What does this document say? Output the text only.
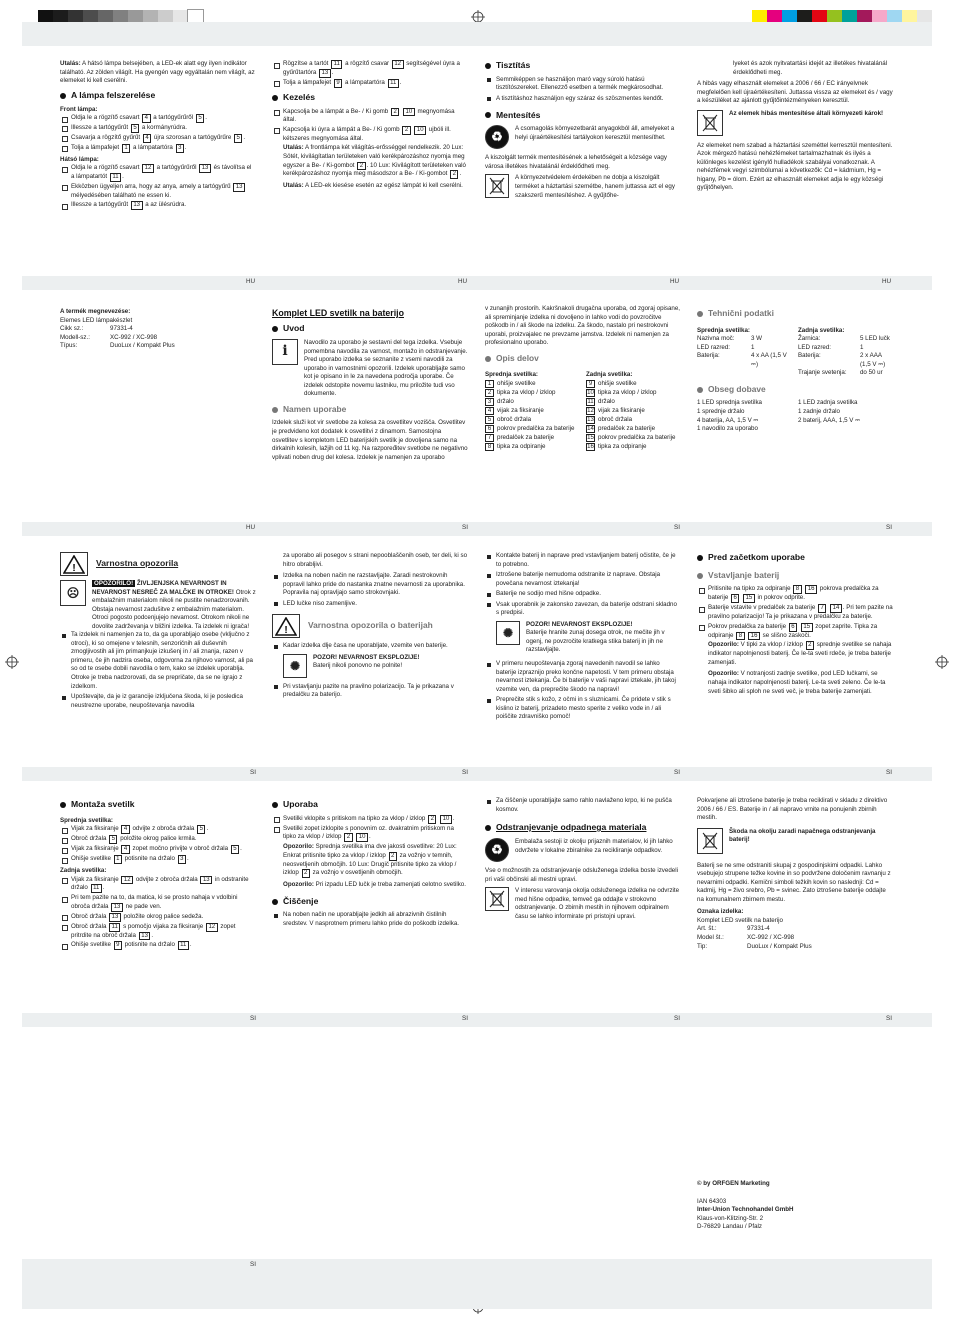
HU	HU	HU	HU
HU	SI	SI	SI
SI	SI	SI	SI
SI	SI	SI	SI
SI
Utalás: A hátsó lámpa belsejében, a LED-ek alatt egy ilyen indikátor található. Az zölden világít. Ha gyengén vagy egyáltalán nem világít, az elemeket ki kell cserélni.
A lámpa felszerelése
Front lámpa:
Oldja le a rögzítő csavart 4 a tartógyűrűről 5 .
Illessze a tartógyűrűt 5 a kormányrúdra.
Csavarja a rögzítő gyűrűt 4 újra szorosan a tartógyűrűre 5 .
Tolja a lámpafejet 1 a lámpatartóra 3 .
Hátsó lámpa:
Oldja le a rögzítő csavart 12 a tartógyűrűről 13 és távolítsa el a lámpatartót 11 .
Ekközben ügyeljen arra, hogy az anya, amely a tartógyűrű 13 mélyedésében található ne essen ki.
Illessze a tartógyűrűt 13 a az ülésrúdra.
Rögzítse a tartót 11 a rögzítő csavar 12 segítségével úyra a gyűrűtartóra 13 .
Tolja a lámpafejet 9 a lámpatartóra 11 .
Kezelés
Kapcsolja be a lámpát a Be- / Ki gomb 2 10 megnyomása által.
Kapcsolja ki úyra a lámpát a Be- / Ki gomb 2 10 ujbóli ill. kétszeres megnyomása által.
Utalás: A frontlámpa két világítás-erősséggel rendelkezik. 20 Lux: Sötét, kivilágítatlan területeken való kerékpározáshoz nyomja meg egyszer a Be- / Ki-gombot 2 . 10 Lux: Kivilágított területeken való kerékpározáshoz nyomja meg másodszor a Be- / Ki-gombot 2 .
Utalás: A LED-ek kiesése esetén az egész lámpát ki kell cserélni.
Tisztítás
Semmiképpen se használjon maró vagy súroló hatású tisztítószereket. Ellenezző esetben a termék megkárosodhat.
A tisztításhoz használjon egy száraz és szöszmentes kendőt.
Mentesítés
♻
A csomagolás környezetbarát anyagokból áll, amelyeket a helyi újraértékesítési tartályokon keresztül mentesíthet.
A kiszolgált termék mentesítésének a lehetőségeit a községe vagy városa illetékes hivatalánál érdeklődheti meg.
A környezetvédelem érdekében ne dobja a kiszolgált terméket a háztartási szemétbe, hanem juttassa azt el egy szakszerű mentesítéshez. A gyűjtőhe-
lyeket és azok nyitvatartási idejét az illetékes hivatalánál érdeklődheti meg.
A hibás vagy elhasznált elemeket a 2006 / 66 / EC irányelvnek megfelelően kell újraértékesíteni. Juttassa vissza az elemeket és / vagy a készüléket az ajánlott gyűjtőintézményeken keresztül.
Az elemek hibás mentesítése általi környezeti károk!
Az elemeket nem szabad a háztartási szeméttel kerresztül mentesíteni. Azok mérgező hatású nehézfémeket tartalmazhatnak és ilyés a különleges kezelést igénylő hulladékok szabályai vonatkoznak. A nehézfémek vegyi szimbólumai a következők: Cd = kádmium, Hg = higany, Pb = ólom. Ezért az elhasznált elemeket adja le egy községi gyűjtőhelyen.
A termék megnevezése:
Elemes LED lámpakészlet
Cikk sz.:	97331-4
Modell-sz.:	XC-992 / XC-998
Típus:	DuoLux / Kompakt Plus
Komplet LED svetilk na baterijo
Uvod
i
Navodilo za uporabo je sestavni del tega izdelka. Vsebuje pomembna navodila za varnost, montažo in odstranjevanje. Pred uporabo izdelka se seznanite z vsemi navodili za uporabo in varnostnimi opozorili. Izdelek uporabljajte samo kot je opisano in le za navedena področja uporabe. Če izdelek odstopite novemu lastniku, mu priložite tudi vso dokumente.
Namen uporabe
Izdelek služi kot vir svetlobe za kolesa za osvetlitev vozišča. Osvetlitev je predvideno kot dodatek k osvetlitvi z dinamom. Samostojna osvetlitev s kompletom LED baterijskih svetilk je dovoljena samo na dirkalnih kolesih, lažjih od 11 kg. Na razpoređitev svetlobe ne negativno vplivati noben drug del kolesa. Izdelek je namenjen za uporabo
v zunanjih prostorih. Kakršnakoli drugačna uporaba, od zgoraj opisane, ali spreminjanje izdelka ni dovoljeno in lahko vodi do povzročitve poškodb in / ali škode na izdelku. Za škodo, nastalo pri nestrokovni uporabi, proizvajalec ne prevzame jamstva. Izdelek ni namenjen za profesionalno uporabo.
Opis delov
Sprednja svetilka:
1 ohišje svetilke
2 tipka za vklop / izklop
3 držalo
4 vijak za fiksiranje
5 obroč držala
6 pokrov predalčka za baterije
7 predalček za baterije
8 tipka za odpiranje
Zadnja svetilka:
9 ohišje svetilke
10 tipka za vklop / izklop
11 držalo
12 vijak za fiksiranje
13 obroč držala
14 predalček za baterije
15 pokrov predalčka za baterije
16 tipka za odpiranje
Tehnični podatki
Sprednja svetilka:
Nazivna moč:	3 W
LED razred:	1
Baterija:	4 x AA (1,5 V ⎓)
Zadnja svetilka:
Žarnica:	5 LED lučk
LED razred:	1
Baterija:	2 x AAA (1,5 V ⎓)
Trajanje svetenja:	do 50 ur
Obseg dobave
1 LED sprednja svetilka
1 sprednje držalo
4 baterija, AA, 1,5 V ⎓
1 navodilo za uporabo
1 LED zadnja svetilka
1 zadnje držalo
2 baterij, AAA, 1,5 V ⎓
! Varnostna opozorila
☹
OPOZORILO! ŽIVLJENJSKA NEVARNOST IN NEVARNOST NESREČ ZA MALČKE IN OTROKE! Otrok z embalažnim materialom nikoli ne pustite nenadzorovanih. Obstaja nevarnost zadušitve z embalažnim materialom. Otroci pogosto podcenjujejo nevarnost. Otrokom nikoli ne dovolite zadrževanja v bližini izdelka. Ta izdelek ni igrača!
Ta izdelek ni namenjen za to, da ga uporabljajo osebe (vključno z otroci), ki so omejene v telesnih, senzoričnih ali duševnih zmogljivostih ali jim primanjkuje izkušenj in / ali znanja, razen v primeru, če jih nadzira oseba, odgovorna za njihovo varnost, ali pa so od te osebe dobili navodila o tem, kako se izdelek uporablja. Otroke je treba nadzorovati, da se prepričate, da se ne igrajo z izdelkom.
Upoštevajte, da je iz garancije izključena škoda, ki je posledica neustrezne uporabe, neupoštevanja navodila
za uporabo ali posegov s strani nepooblaščenih oseb, ter deli, ki so hitro obrabljivi.
Izdelka na noben način ne razstavljajte. Zaradi nestrokovnih popravil lahko pride do nastanka znatne nevarnosti za uporabnika. Popravila naj opravljajo samo strokovnjaki.
LED lučke niso zamenljive.
! Varnostna opozorila o baterijah
Kadar izdelka dlje časa ne uporabljate, vzemite ven baterije.
✺
POZOR! NEVARNOST EKSPLOZIJE!
Baterij nikoli ponovno ne polnite!
Pri vstavljanju pazite na pravilno polarizacijo. Ta je prikazana v predalčku za baterijo.
Kontakte baterij in naprave pred vstavljanjem baterij očistite, če je to potrebno.
Iztrošene baterije nemudoma odstranite iz naprave. Obstaja povečana nevarnost iztekanja!
Baterije ne sodijo med hišne odpadke.
Vsak uporabnik je zakonsko zavezan, da baterije odstrani skladno s predpisi.
✺
POZOR! NEVARNOST EKSPLOZIJE!
Baterije hranite zunaj dosega otrok, ne mečite jih v ogenj, ne povzročite kratkega stika baterij in jih ne razstavljajte.
V primeru neupoštevanja zgoraj navedenih navodil se lahko baterije izpraznijo preko končne napetosti. V tem primeru obstaja nevarnost iztekanja. Če bi baterije v vaši napravi iztekale, jih takoj vzemite ven, da preprečite škodo na napravi!
Preprečite stik s kožo, z očmi in s sluznicami. Če pridete v stik s kislino iz baterij, prizadeto mesto sperite z veliko vode in / ali poiščite zdravniško pomoč!
Pred začetkom uporabe
Vstavljanje baterij
Pritisnite na tipko za odpiranje 8 16 pokrova predalčka za baterije 6 15 in pokrov odprite.
Baterije vstavite v predalček za baterije 7 14 . Pri tem pazite na pravilno polarizacijo! Ta je prikazana v predalčku za baterije.
Pokrov predalčka za baterije 6 15 zopet zaprite. Tipka za odpiranje 8 16 se slišno zaskoči.
Opozorilo: V tipki za vklop / izklop 2 sprednje svetilke se nahaja indikator napolnjenosti baterij. Če le-ta sveti rdeče, je treba baterije zamenjati.
Opozorilo: V notranjosti zadnje svetilke, pod LED lučkami, se nahaja indikator napolnjenosti baterij. Le-ta sveti zeleno. Če le-ta sveti šibko ali sploh ne sveti več, je treba baterije zamenjati.
Montaža svetilk
Sprednja svetilka:
Vijak za fiksiranje 4 odvijte z obroča držala 5 .
Obroč držala 5 položite okrog palice krmila.
Vijak za fiksiranje 4 zopet močno privijte v obroč držala 5 .
Ohišje svetilke 1 potisnite na držalo 3 .
Zadnja svetilka:
Vijak za fiksiranje 12 odvijte z obroča držala 13 in odstranite držalo 11 .
Pri tem pazite na to, da matica, ki se prosto nahaja v vdolbini obroča držala 13 ne pade ven.
Obroč držala 13 položite okrog palice sedeža.
Obroč držala 11 s pomočjo vijaka za fiksiranje 12 zopet pritrdite na obroč držala 13 .
Ohišje svetilke 9 potisnite na držalo 11 .
Uporaba
Svetilki vklopite s pritiskom na tipko za vklop / izklop 2 10 .
Svetilki zopet izklopite s ponovnim oz. dvakratnim pritiskom na tipko za vklop / izklop 2 10 .
Opozorilo: Sprednja svetilka ima dve jakosti osvetlitve: 20 Lux: Enkrat pritisnite tipko za vklop / izklop 2 za vožnjo v temnih, neosvetljenih območjih. 10 Lux: Drugič pritisnite tipko za vklop / izklop 2 za vožnjo v osvetljenih območjih.
Opozorilo: Pri izpadu LED lučk je treba zamenjati celotno svetilko.
Čiščenje
Na noben način ne uporabljajte jedkih ali abrazivnih čistilnih sredstev. V nasprotnem primeru lahko pride do poškodb izdelka.
Za čiščenje uporabljajte samo rahlo navlaženo krpo, ki ne pušča kosmov.
Odstranjevanje odpadnega materiala
♻
Embalaža sestoji iz okolju prijaznih materialov, ki jih lahko odvržete v lokalne zbiralnike za recikliranje odpadkov.
Vse o možnostih za odstranjevanje odsluženega izdelka boste izvedeli pri vaši občinski ali mestni upravi.
V interesu varovanja okolja odsluženega izdelka ne odvrzite med hišne odpadke, temveč ga oddajte v strokovno odstranjevanje. O zbirnih mestih in njihovem odpiralnem času se lahko informirate pri pristojni upravi.
Pokvarjene ali iztrošene baterije je treba reciklirati v skladu z direktivo 2006 / 66 / ES. Baterije in / ali napravo vrnite na ponujenih zbirnih mestih.
Škoda na okolju zaradi napačnega odstranjevanja baterij!
Baterij se ne sme odstraniti skupaj z gospodinjskimi odpadki. Lahko vsebujejo strupene težke kovine in so podvržene določenim ravnanju z nevarnimi odpadki. Kemični simboli težkih kovin so naslednji: Cd = kadmij, Hg = živo srebro, Pb = svinec. Zato iztrošene baterije oddajte na komunalnem zbirnem mestu.
Oznaka izdelka:
Komplet LED svetilk na baterijo
Art. št.:	97331-4
Model št.:	XC-992 / XC-998
Tip:	DuoLux / Kompakt Plus
© by ORFGEN Marketing
IAN 64303
Inter-Union Technohandel GmbH
Klaus-von-Klitzing-Str. 2
D-76829 Landau / Pfalz
